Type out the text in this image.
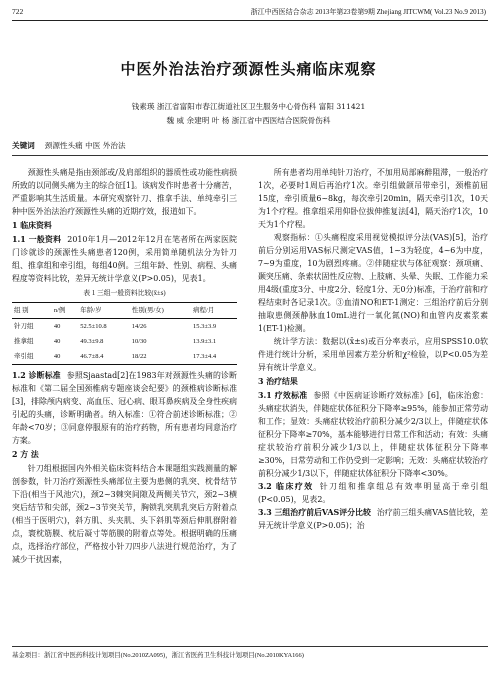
722	浙江中西医结合杂志 2013年第23卷第9期 Zhejiang JITCWM( Vol.23 No.9 2013)
中医外治法治疗颈源性头痛临床观察
钱素瑛 浙江省富阳市春江街道社区卫生服务中心骨伤科 富阳 311421
魏 威 余建明 叶 杨 浙江省中西医结合医院骨伤科
关键词 颈源性头痛 中医 外治法

颈源性头痛是指由颈部或/及肩部组织的器质性或功能性病损所致的以同侧头痛为主的综合征[1]。该病发作时患者十分痛苦，严重影响其生活质量。本研究观察针刀、推拿手法、单纯牵引三种中医外治法治疗颈源性头痛的近期疗效，报道如下。

1 临床资料

1.1 一般资料 2010年1月—2012年12月在笔者所在两家医院门诊就诊的颈源性头痛患者120例，采用简单随机法分为针刀组、推拿组和牵引组，每组40例。三组年龄、性别、病程、头痛程度等资料比较，差异无统计学意义(P>0.05)，见表1。

表 1 三组一般资料比较(x̄±s)
组 别	n/例	年龄/岁	性别(男/女)	病程/月
针刀组	40	52.5±10.8	14/26	15.3±3.9
推拿组	40	49.3±9.8	10/30	13.9±3.1
牵引组	40	46.7±8.4	18/22	17.3±4.4

1.2 诊断标准 参照Sjaastad[2]在1983年对颈源性头痛的诊断标准和《第二届全国颈椎病专题座谈会纪要》的颈椎病诊断标准[3]，排除颅内病变、高血压、冠心病、眼耳鼻疾病及全身性疾病引起的头痛，诊断明确者。纳入标准：①符合前述诊断标准；②年龄<70岁；③同意停服原有的治疗药物，所有患者均同意治疗方案。

2 方 法

针刀组根据国内外相关临床资料结合本课题组实践测量的解剖参数，针刀治疗颈源性头痛部位主要为患侧的乳突、枕骨结节下沿(相当于风池穴)，颈2~3棘突间隙及两侧关节穴，颈2~3横突后结节和尖部，颈2~3节突关节，胸锁乳突肌乳突后方附着点(相当于医明穴)，斜方肌、头夹肌、头下斜肌等颈后伸肌群附着点，寰枕筋膜、枕后凝寸等筋膜的附着点等处。根据明确的压痛点，选择治疗部位，严格按小针刀四步八法进行规范治疗，为了减少干扰因素，

所有患者均用单纯针刀治疗，不加用局部麻醉阻滞，一般治疗1次，必要时1周后再治疗1次。牵引组做颌吊带牵引，颈椎前屈15度，牵引质量6~8kg，每次牵引20min，隔天牵引1次，10天为1个疗程。推拿组采用仰卧位拔伸推复法[4]，隔天治疗1次，10天为1个疗程。

观察指标：①头痛程度采用视觉模拟评分法(VAS)[5]，治疗前后分别运用VAS标尺测定VAS值，1~3为轻度，4~6为中度，7~9为重度，10为剧烈疼痛。②伴随症状与体征观察：颈项痛、颞突压痛、条索状固性反应物、上肢痛、头晕、失眠、工作能力采用4级(重度3分、中度2分、轻度1分、无0分)标准，于治疗前和疗程结束时各记录1次。③血清NO和ET-1测定：三组治疗前后分别抽取患侧颈静脉血10mL进行一氧化氮(NO)和血管内皮素浆素1(ET-1)检测。

统计学方法：数据以(x̄±s)或百分率表示，应用SPSS10.0软件进行统计分析，采用单因素方差分析和χ²检验，以P<0.05为差异有统计学意义。

3 治疗结果

3.1 疗效标准 参照《中医病证诊断疗效标准》[6]，临床治愈：头痛症状消失，伴随症状体征积分下降率≥95%，能参加正常劳动和工作；显效：头痛症状较治疗前积分减少2/3以上，伴随症状体征积分下降率≥70%，基本能够进行日常工作和活动；有效：头痛症状较治疗前积分减少1/3以上，伴随症状体征积分下降率≥30%，日常劳动和工作仍受到一定影响；无效：头痛症状较治疗前积分减少1/3以下，伴随症状体征积分下降率<30%。

3.2 临床疗效 针刀组和推拿组总有效率明显高于牵引组(P<0.05)，见表2。

3.3 三组治疗前后VAS评分比较 治疗前三组头痛VAS值比较，差异无统计学意义(P>0.05)；治

基金项目：浙江省中医药科技计划项目(No.2010ZA095)，浙江省医药卫生科技计划项目(No.2010KYA166)
